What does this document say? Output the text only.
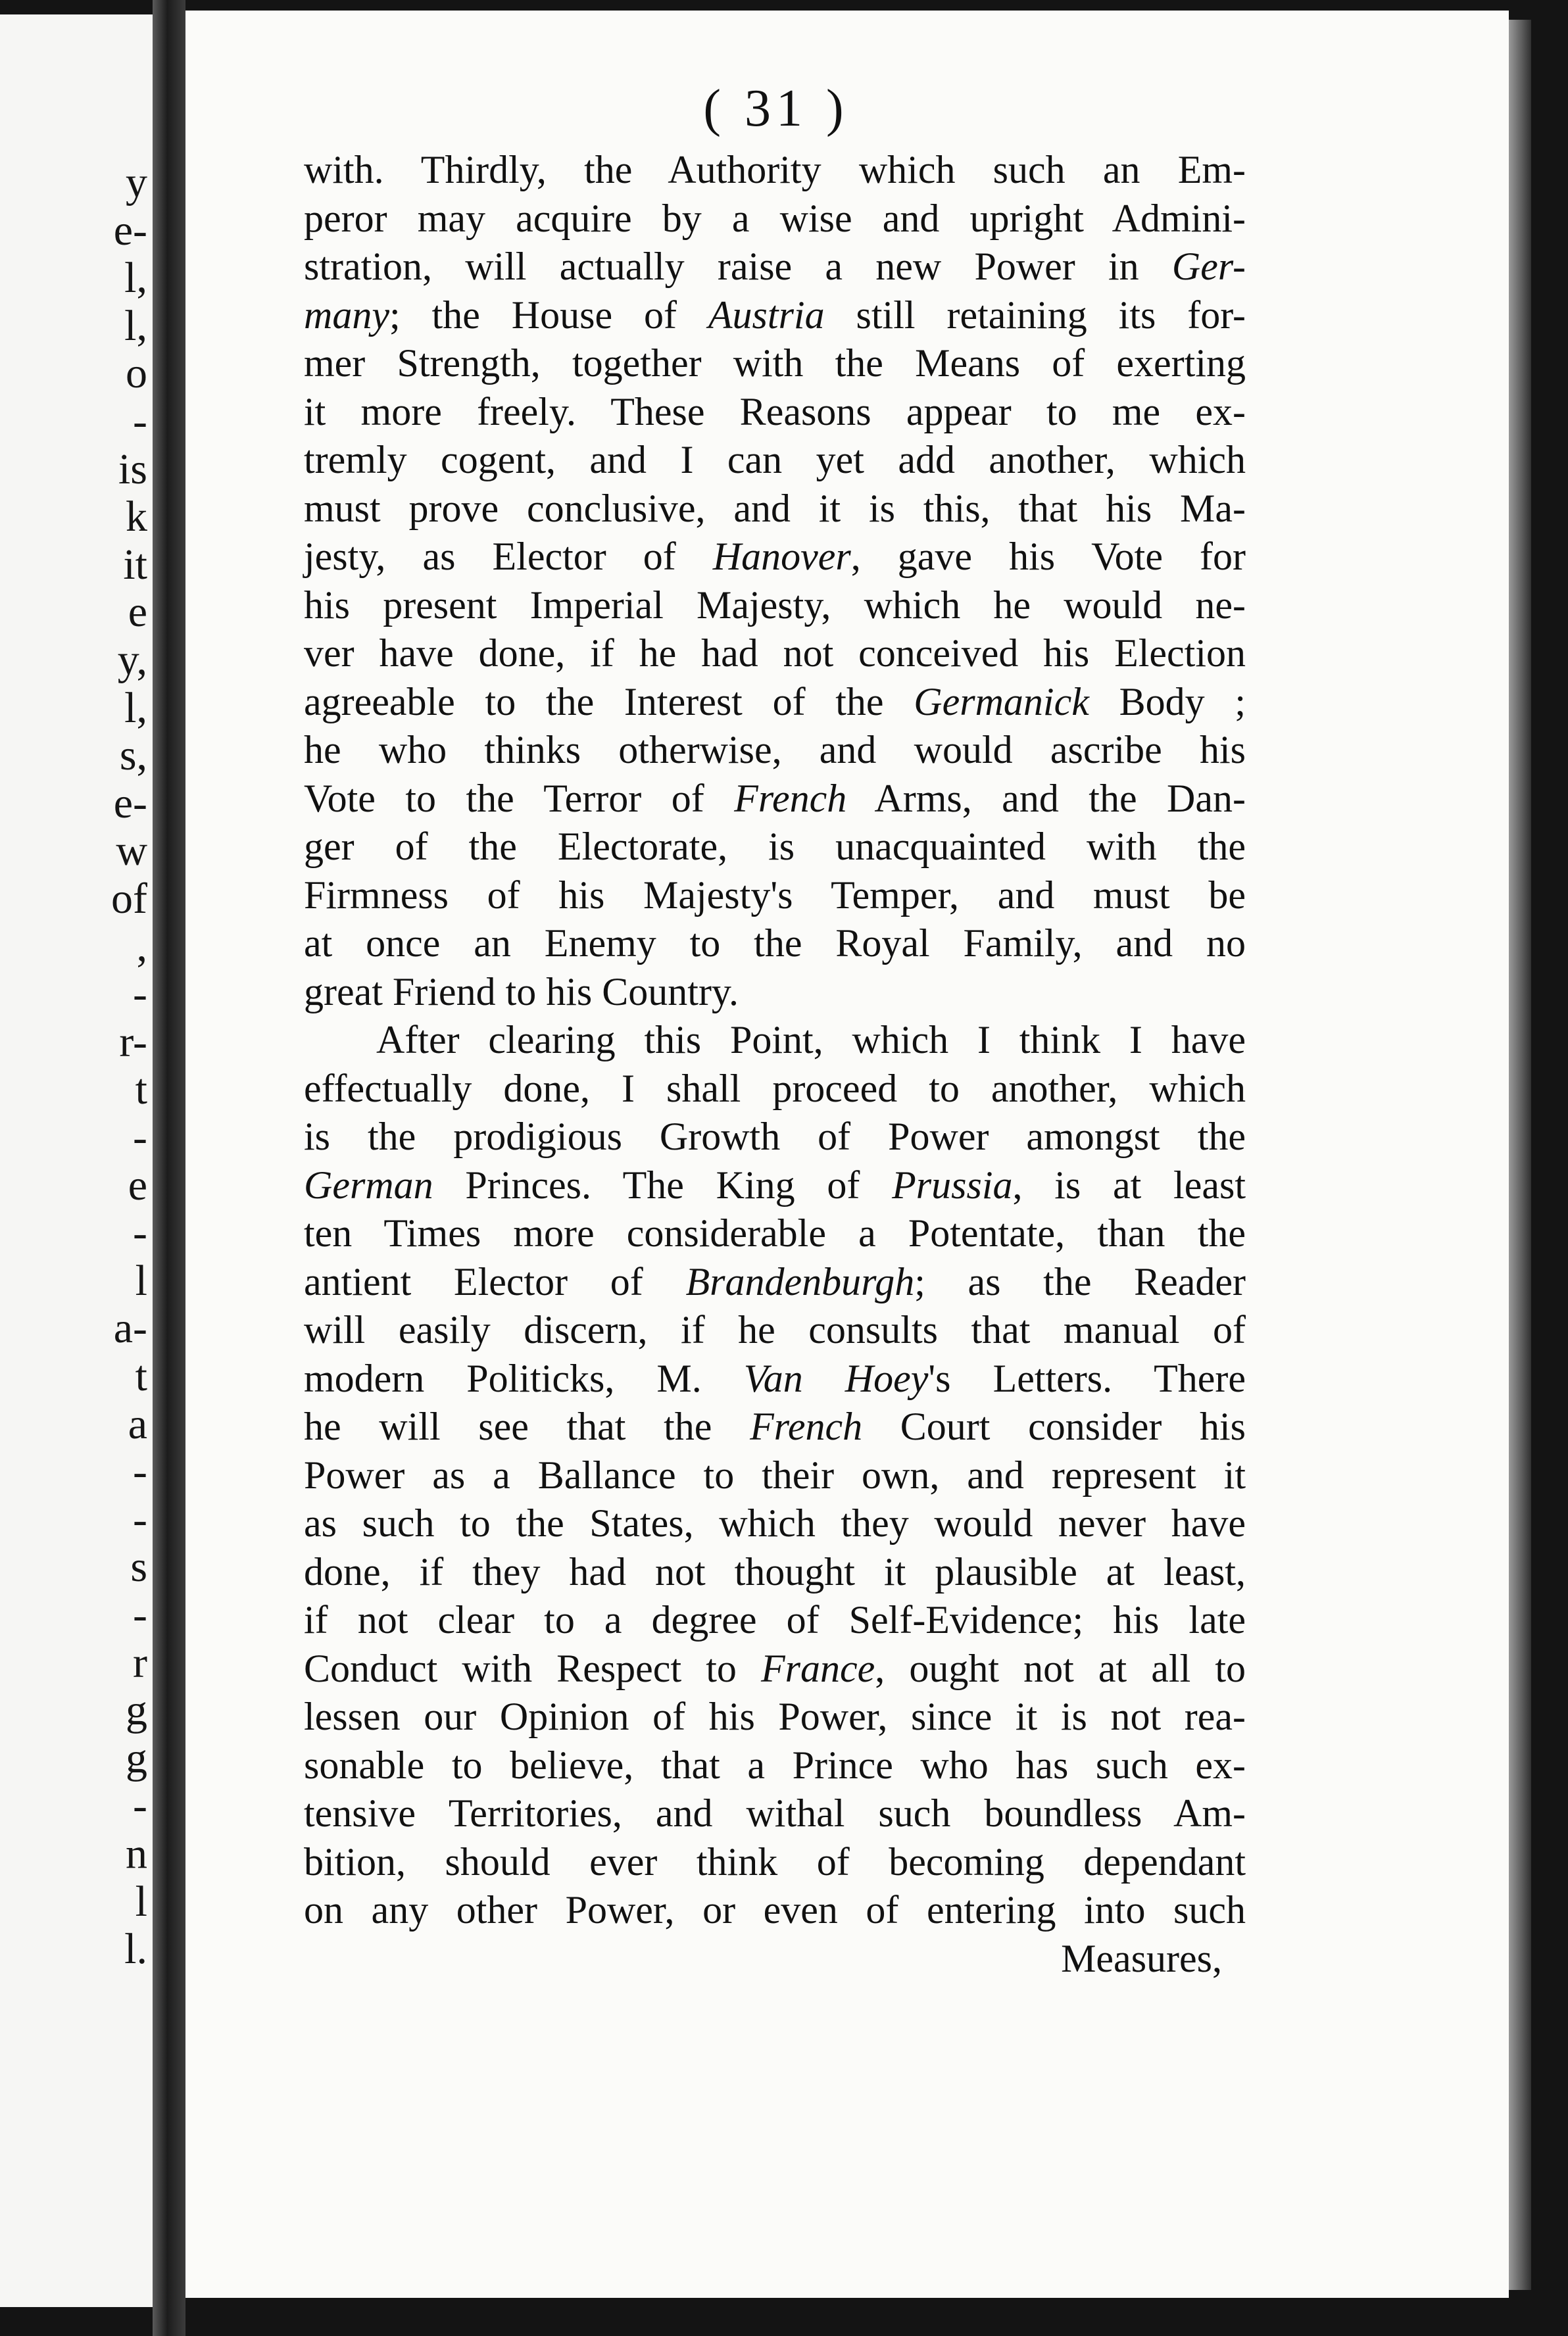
y
e-
l,
l,
o
-
is
k
it
e
y,
l,
s,
e-
w
of
,
-
r-
t
-
e
-
l
a-
t
a
-
-
s
-
r
g
g
-
n
l
l.
( 31 )
with. Thirdly, the Authority which such an Em-
peror may acquire by a wise and upright Admini-
stration, will actually raise a new Power in Ger-
many; the House of Austria still retaining its for-
mer Strength, together with the Means of exerting
it more freely. These Reasons appear to me ex-
tremly cogent, and I can yet add another, which
must prove conclusive, and it is this, that his Ma-
jesty, as Elector of Hanover, gave his Vote for
his present Imperial Majesty, which he would ne-
ver have done, if he had not conceived his Election
agreeable to the Interest of the Germanick Body ;
he who thinks otherwise, and would ascribe his
Vote to the Terror of French Arms, and the Dan-
ger of the Electorate, is unacquainted with the
Firmness of his Majesty's Temper, and must be
at once an Enemy to the Royal Family, and no
great Friend to his Country.
After clearing this Point, which I think I have
effectually done, I shall proceed to another, which
is the prodigious Growth of Power amongst the
German Princes. The King of Prussia, is at least
ten Times more considerable a Potentate, than the
antient Elector of Brandenburgh; as the Reader
will easily discern, if he consults that manual of
modern Politicks, M. Van Hoey's Letters. There
he will see that the French Court consider his
Power as a Ballance to their own, and represent it
as such to the States, which they would never have
done, if they had not thought it plausible at least,
if not clear to a degree of Self-Evidence; his late
Conduct with Respect to France, ought not at all to
lessen our Opinion of his Power, since it is not rea-
sonable to believe, that a Prince who has such ex-
tensive Territories, and withal such boundless Am-
bition, should ever think of becoming dependant
on any other Power, or even of entering into such
Measures,
